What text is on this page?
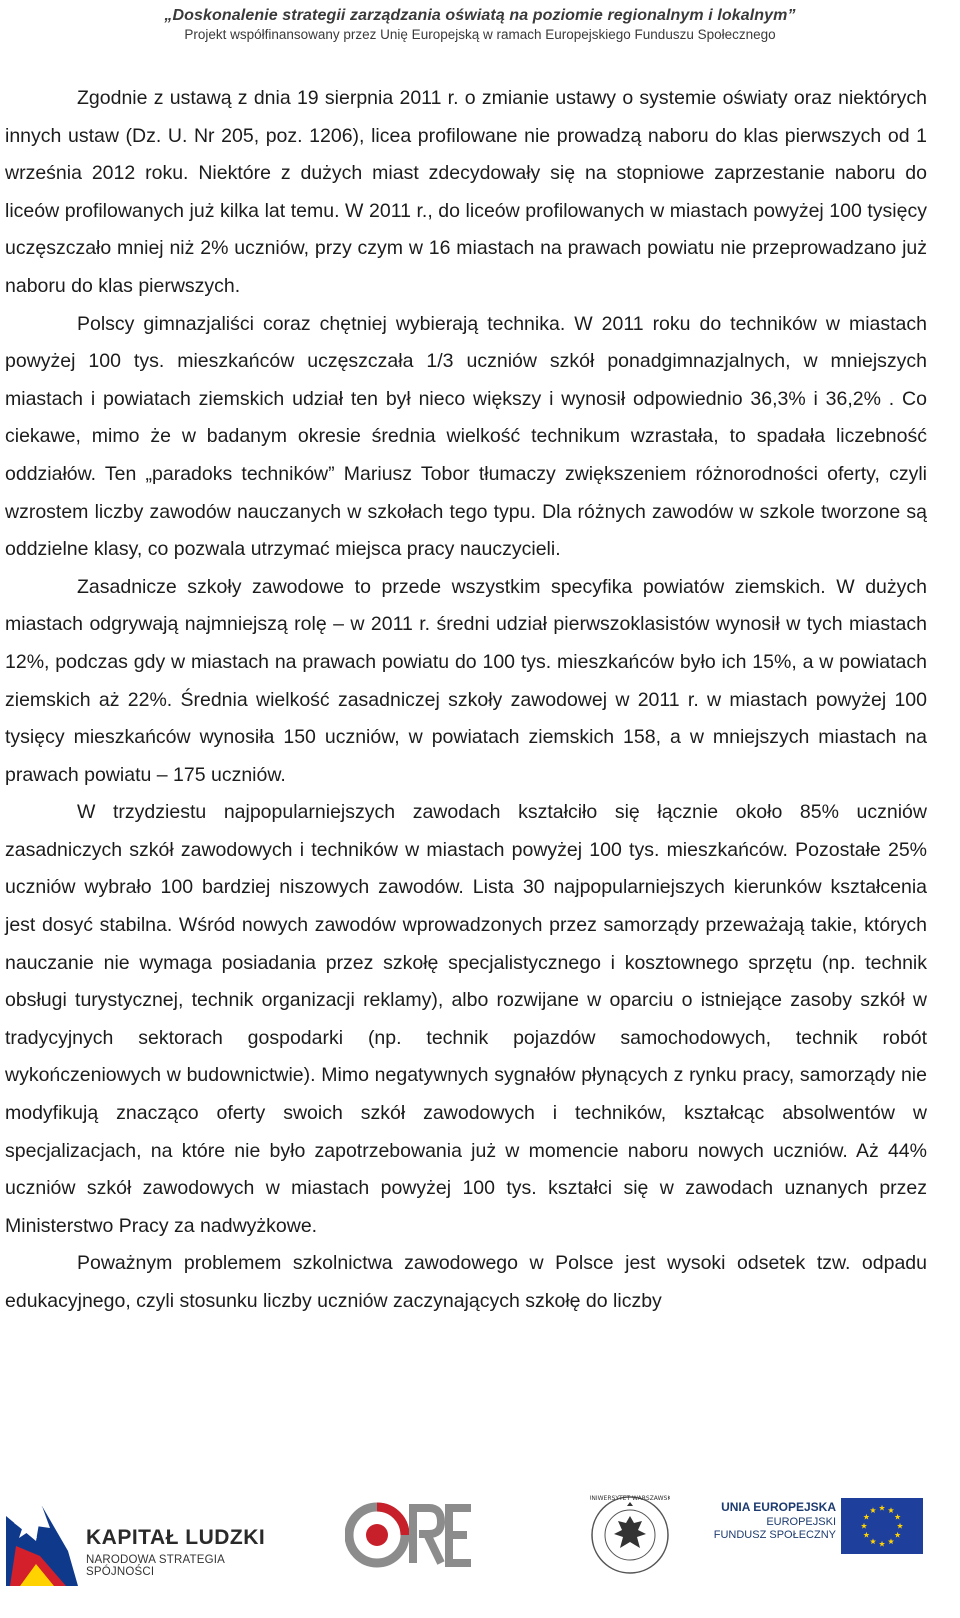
„Doskonalenie strategii zarządzania oświatą na poziomie regionalnym i lokalnym”
Projekt współfinansowany przez Unię Europejską w ramach Europejskiego Funduszu Społecznego

Zgodnie z ustawą z dnia 19 sierpnia 2011 r. o zmianie ustawy o systemie oświaty oraz niektórych innych ustaw (Dz. U. Nr 205, poz. 1206), licea profilowane nie prowadzą naboru do klas pierwszych od 1 września 2012 roku. Niektóre z dużych miast zdecydowały się na stopniowe zaprzestanie naboru do liceów profilowanych już kilka lat temu. W 2011 r., do liceów profilowanych w miastach powyżej 100 tysięcy uczęszczało mniej niż 2% uczniów, przy czym w 16 miastach na prawach powiatu nie przeprowadzano już naboru do klas pierwszych.

Polscy gimnazjaliści coraz chętniej wybierają technika. W 2011 roku do techników w miastach powyżej 100 tys. mieszkańców uczęszczała 1/3 uczniów szkół ponadgimnazjalnych, w mniejszych miastach i powiatach ziemskich udział ten był nieco większy i wynosił odpowiednio 36,3% i 36,2% . Co ciekawe, mimo że w badanym okresie średnia wielkość technikum wzrastała, to spadała liczebność oddziałów. Ten „paradoks techników” Mariusz Tobor tłumaczy zwiększeniem różnorodności oferty, czyli wzrostem liczby zawodów nauczanych w szkołach tego typu. Dla różnych zawodów w szkole tworzone są oddzielne klasy, co pozwala utrzymać miejsca pracy nauczycieli.

Zasadnicze szkoły zawodowe to przede wszystkim specyfika powiatów ziemskich. W dużych miastach odgrywają najmniejszą rolę – w 2011 r. średni udział pierwszoklasistów wynosił w tych miastach 12%, podczas gdy w miastach na prawach powiatu do 100 tys. mieszkańców było ich 15%, a w powiatach ziemskich aż 22%. Średnia wielkość zasadniczej szkoły zawodowej w 2011 r. w miastach powyżej 100 tysięcy mieszkańców wynosiła 150 uczniów, w powiatach ziemskich 158, a w mniejszych miastach na prawach powiatu – 175 uczniów.

W trzydziestu najpopularniejszych zawodach kształciło się łącznie około 85% uczniów zasadniczych szkół zawodowych i techników w miastach powyżej 100 tys. mieszkańców. Pozostałe 25% uczniów wybrało 100 bardziej niszowych zawodów. Lista 30 najpopularniejszych kierunków kształcenia jest dosyć stabilna. Wśród nowych zawodów wprowadzonych przez samorządy przeważają takie, których nauczanie nie wymaga posiadania przez szkołę specjalistycznego i kosztownego sprzętu (np. technik obsługi turystycznej, technik organizacji reklamy), albo rozwijane w oparciu o istniejące zasoby szkół w tradycyjnych sektorach gospodarki (np. technik pojazdów samochodowych, technik robót wykończeniowych w budownictwie). Mimo negatywnych sygnałów płynących z rynku pracy, samorządy nie modyfikują znacząco oferty swoich szkół zawodowych i techników, kształcąc absolwentów w specjalizacjach, na które nie było zapotrzebowania już w momencie naboru nowych uczniów. Aż 44% uczniów szkół zawodowych w miastach powyżej 100 tys. kształci się w zawodach uznanych przez Ministerstwo Pracy za nadwyżkowe.

Poważnym problemem szkolnictwa zawodowego w Polsce jest wysoki odsetek tzw. odpadu edukacyjnego, czyli stosunku liczby uczniów zaczynających szkołę do liczby

KAPITAŁ LUDZKI
NARODOWA STRATEGIA SPÓJNOŚCI
UNIWERSYTET WARSZAWSKI
UNIA EUROPEJSKA
EUROPEJSKI
FUNDUSZ SPOŁECZNY
